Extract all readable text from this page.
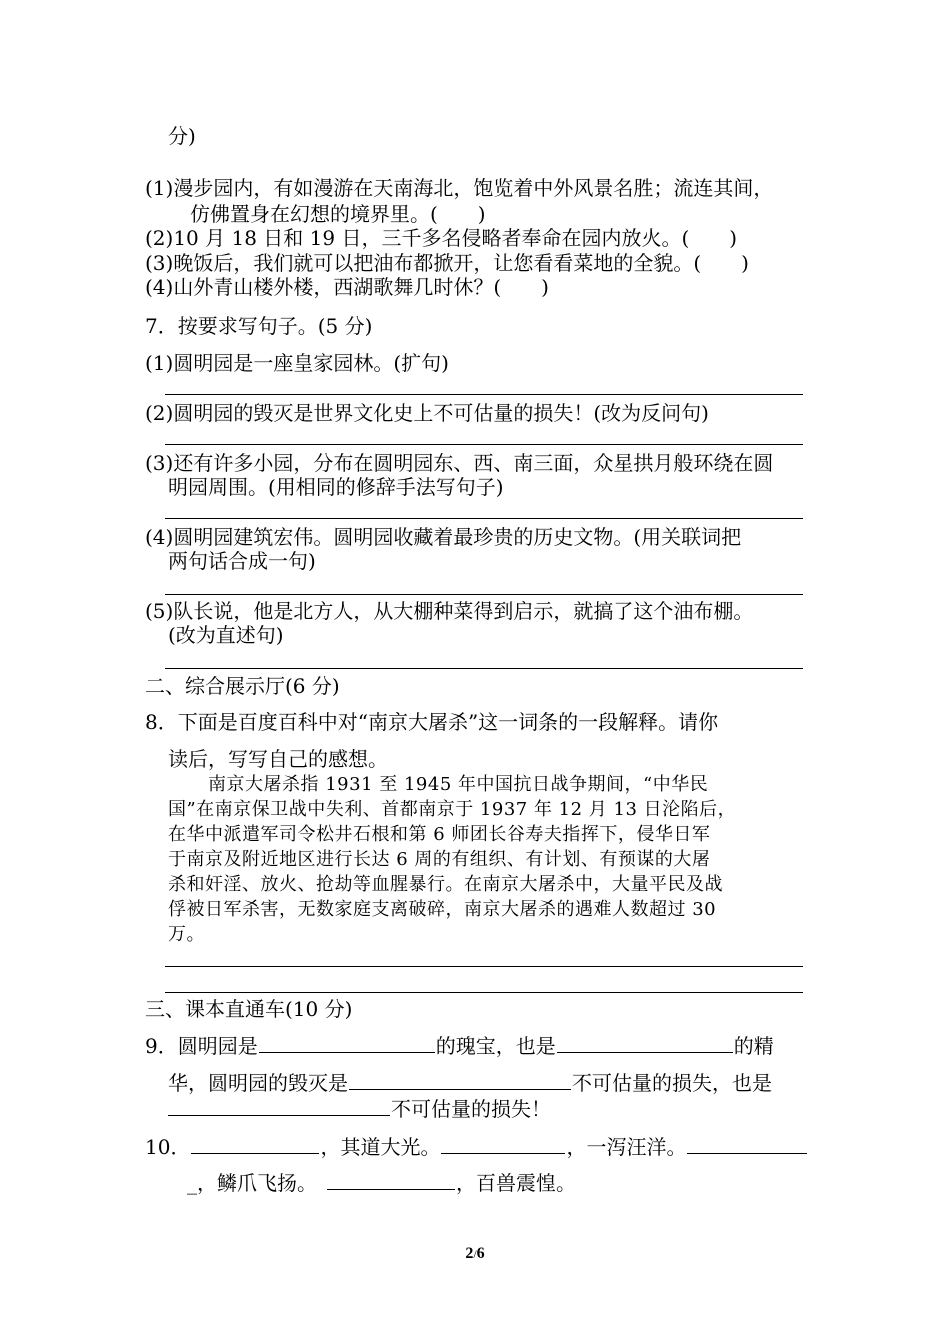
分)
(1)漫步园内，有如漫游在天南海北，饱览着中外风景名胜；流连其间，
仿佛置身在幻想的境界里。(　　)
(2)10 月 18 日和 19 日，三千多名侵略者奉命在园内放火。(　　)
(3)晚饭后，我们就可以把油布都掀开，让您看看菜地的全貌。(　　)
(4)山外青山楼外楼，西湖歌舞几时休？(　　)
7．按要求写句子。(5 分)
(1)圆明园是一座皇家园林。(扩句)
(2)圆明园的毁灭是世界文化史上不可估量的损失！(改为反问句)
(3)还有许多小园，分布在圆明园东、西、南三面，众星拱月般环绕在圆
明园周围。(用相同的修辞手法写句子)
(4)圆明园建筑宏伟。圆明园收藏着最珍贵的历史文物。(用关联词把
两句话合成一句)
(5)队长说，他是北方人，从大棚种菜得到启示，就搞了这个油布棚。
(改为直述句)
二、综合展示厅(6 分)
8．下面是百度百科中对“南京大屠杀”这一词条的一段解释。请你
读后，写写自己的感想。
南京大屠杀指 1931 至 1945 年中国抗日战争期间，“中华民
国”在南京保卫战中失利、首都南京于 1937 年 12 月 13 日沦陷后，
在华中派遣军司令松井石根和第 6 师团长谷寿夫指挥下，侵华日军
于南京及附近地区进行长达 6 周的有组织、有计划、有预谋的大屠
杀和奸淫、放火、抢劫等血腥暴行。在南京大屠杀中，大量平民及战
俘被日军杀害，无数家庭支离破碎，南京大屠杀的遇难人数超过 30
万。
三、课本直通车(10 分)
9．圆明园是	的瑰宝，也是	的精
华，圆明园的毁灭是	不可估量的损失，也是
不可估量的损失！
10．	，其道大光。	，一泻汪洋。
_，鳞爪飞扬。	，百兽震惶。
2/6
